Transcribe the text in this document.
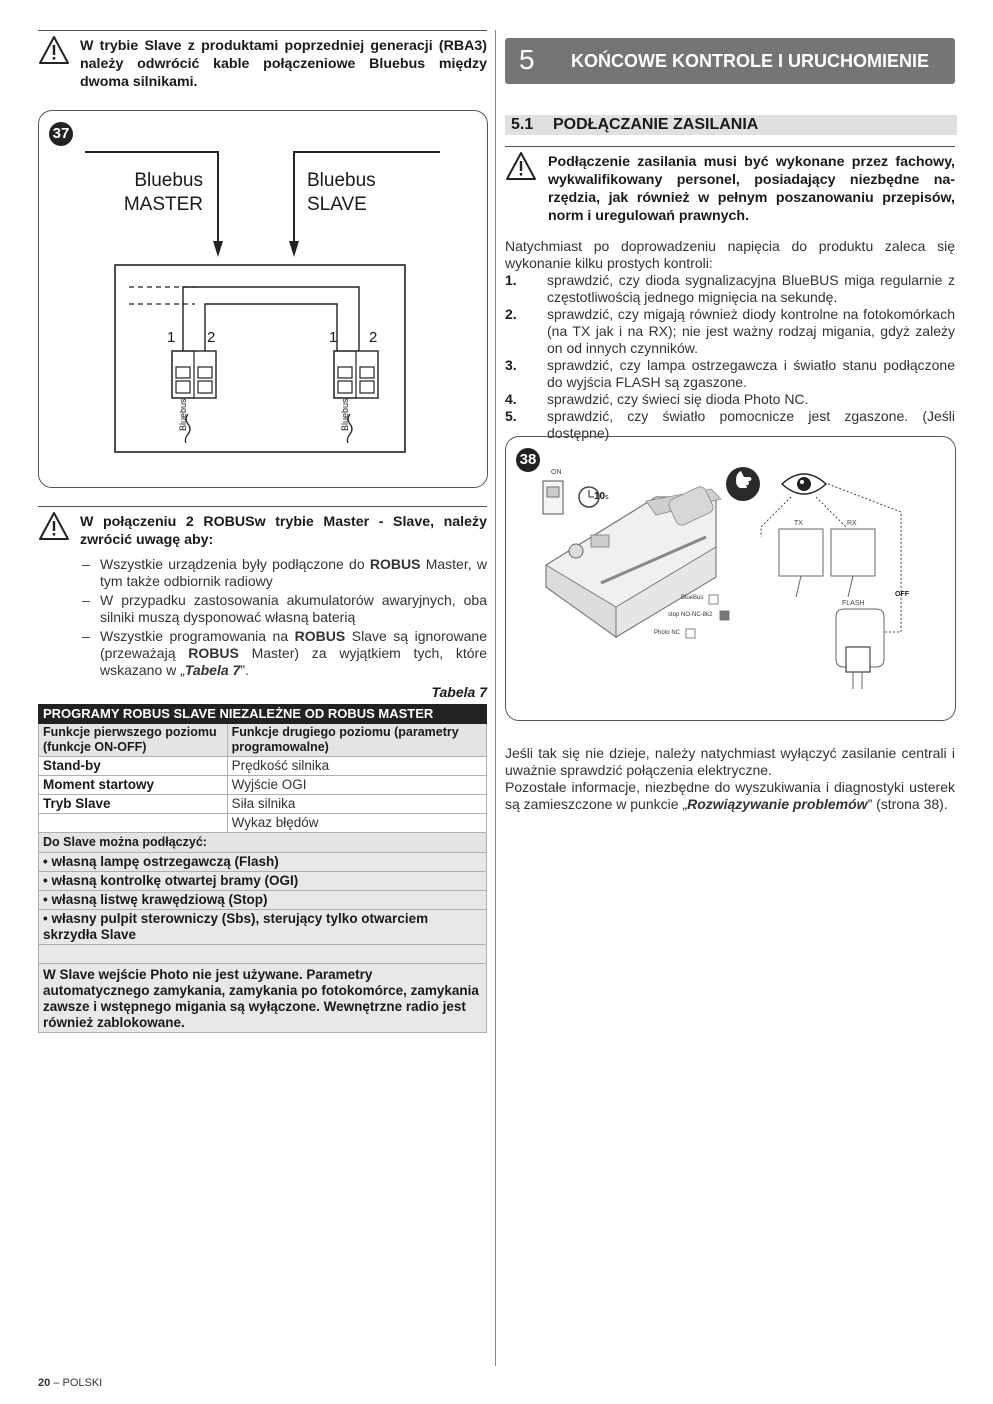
W trybie Slave z produktami poprzedniej generacji (RBA3) należy odwrócić kable połączeniowe Bluebus między dwoma silnikami.
37
Bluebus
MASTER
Bluebus
SLAVE
1 2	1 2
Bluebus	Bluebus
W połączeniu 2 ROBUSw trybie Master - Slave, należy zwrócić uwagę aby:
– Wszystkie urządzenia były podłączone do ROBUS Master, w tym także odbiornik radiowy
– W przypadku zastosowania akumulatorów awaryjnych, oba silniki muszą dysponować własną baterią
– Wszystkie programowania na ROBUS Slave są ignorowane (przeważają ROBUS Master) za wyjątkiem tych, które wskazano w „Tabela 7”.
Tabela 7
PROGRAMY ROBUS SLAVE NIEZALEŻNE OD ROBUS MASTER	
Funkcje pierwszego poziomu (funkcje ON-OFF)	Funkcje drugiego poziomu (parametry programowalne)
Stand-by	Prędkość silnika
Moment startowy	Wyjście OGI
Tryb Slave	Siła silnika
	Wykaz błędów
Do Slave można podłączyć:	
• własną lampę ostrzegawczą (Flash)	
• własną kontrolkę otwartej bramy (OGI)	
• własną listwę krawędziową (Stop)	
• własny pulpit sterowniczy (Sbs), sterujący tylko otwarciem skrzydła Slave	

W Slave wejście Photo nie jest używane. Parametry automatycznego zamykania, zamykania po fotokomórce, zamykania zawsze i wstępnego migania są wyłączone. Wewnętrzne radio jest również zablokowane.	
5 KOŃCOWE KONTROLE I URUCHOMIENIE
5.1 PODŁĄCZANIE ZASILANIA
Podłączenie zasilania musi być wykonane przez fachowy, wykwalifikowany personel, posiadający niezbędne narzędzia, jak również w pełnym poszanowaniu przepisów, norm i uregulowań prawnych.
Natychmiast po doprowadzeniu napięcia do produktu zaleca się wykonanie kilku prostych kontroli:
1. sprawdzić, czy dioda sygnalizacyjna BlueBUS miga regularnie z częstotliwością jednego mignięcia na sekundę.
2. sprawdzić, czy migają również diody kontrolne na fotokomórkach (na TX jak i na RX); nie jest ważny rodzaj migania, gdyż zależy on od innych czynników.
3. sprawdzić, czy lampa ostrzegawcza i światło stanu podłączone do wyjścia FLASH są zgaszone.
4. sprawdzić, czy świeci się dioda Photo NC.
5. sprawdzić, czy światło pomocnicze jest zgaszone. (Jeśli dostępne)
38
ON
10s
TX	RX
FLASH
OFF
BlueBus
stop NO-NC-8k2
Photo NC
Jeśli tak się nie dzieje, należy natychmiast wyłączyć zasilanie centrali i uważnie sprawdzić połączenia elektryczne.
Pozostałe informacje, niezbędne do wyszukiwania i diagnostyki usterek są zamieszczone w punkcie „Rozwiązywanie problemów” (strona 38).
20 – POLSKI
